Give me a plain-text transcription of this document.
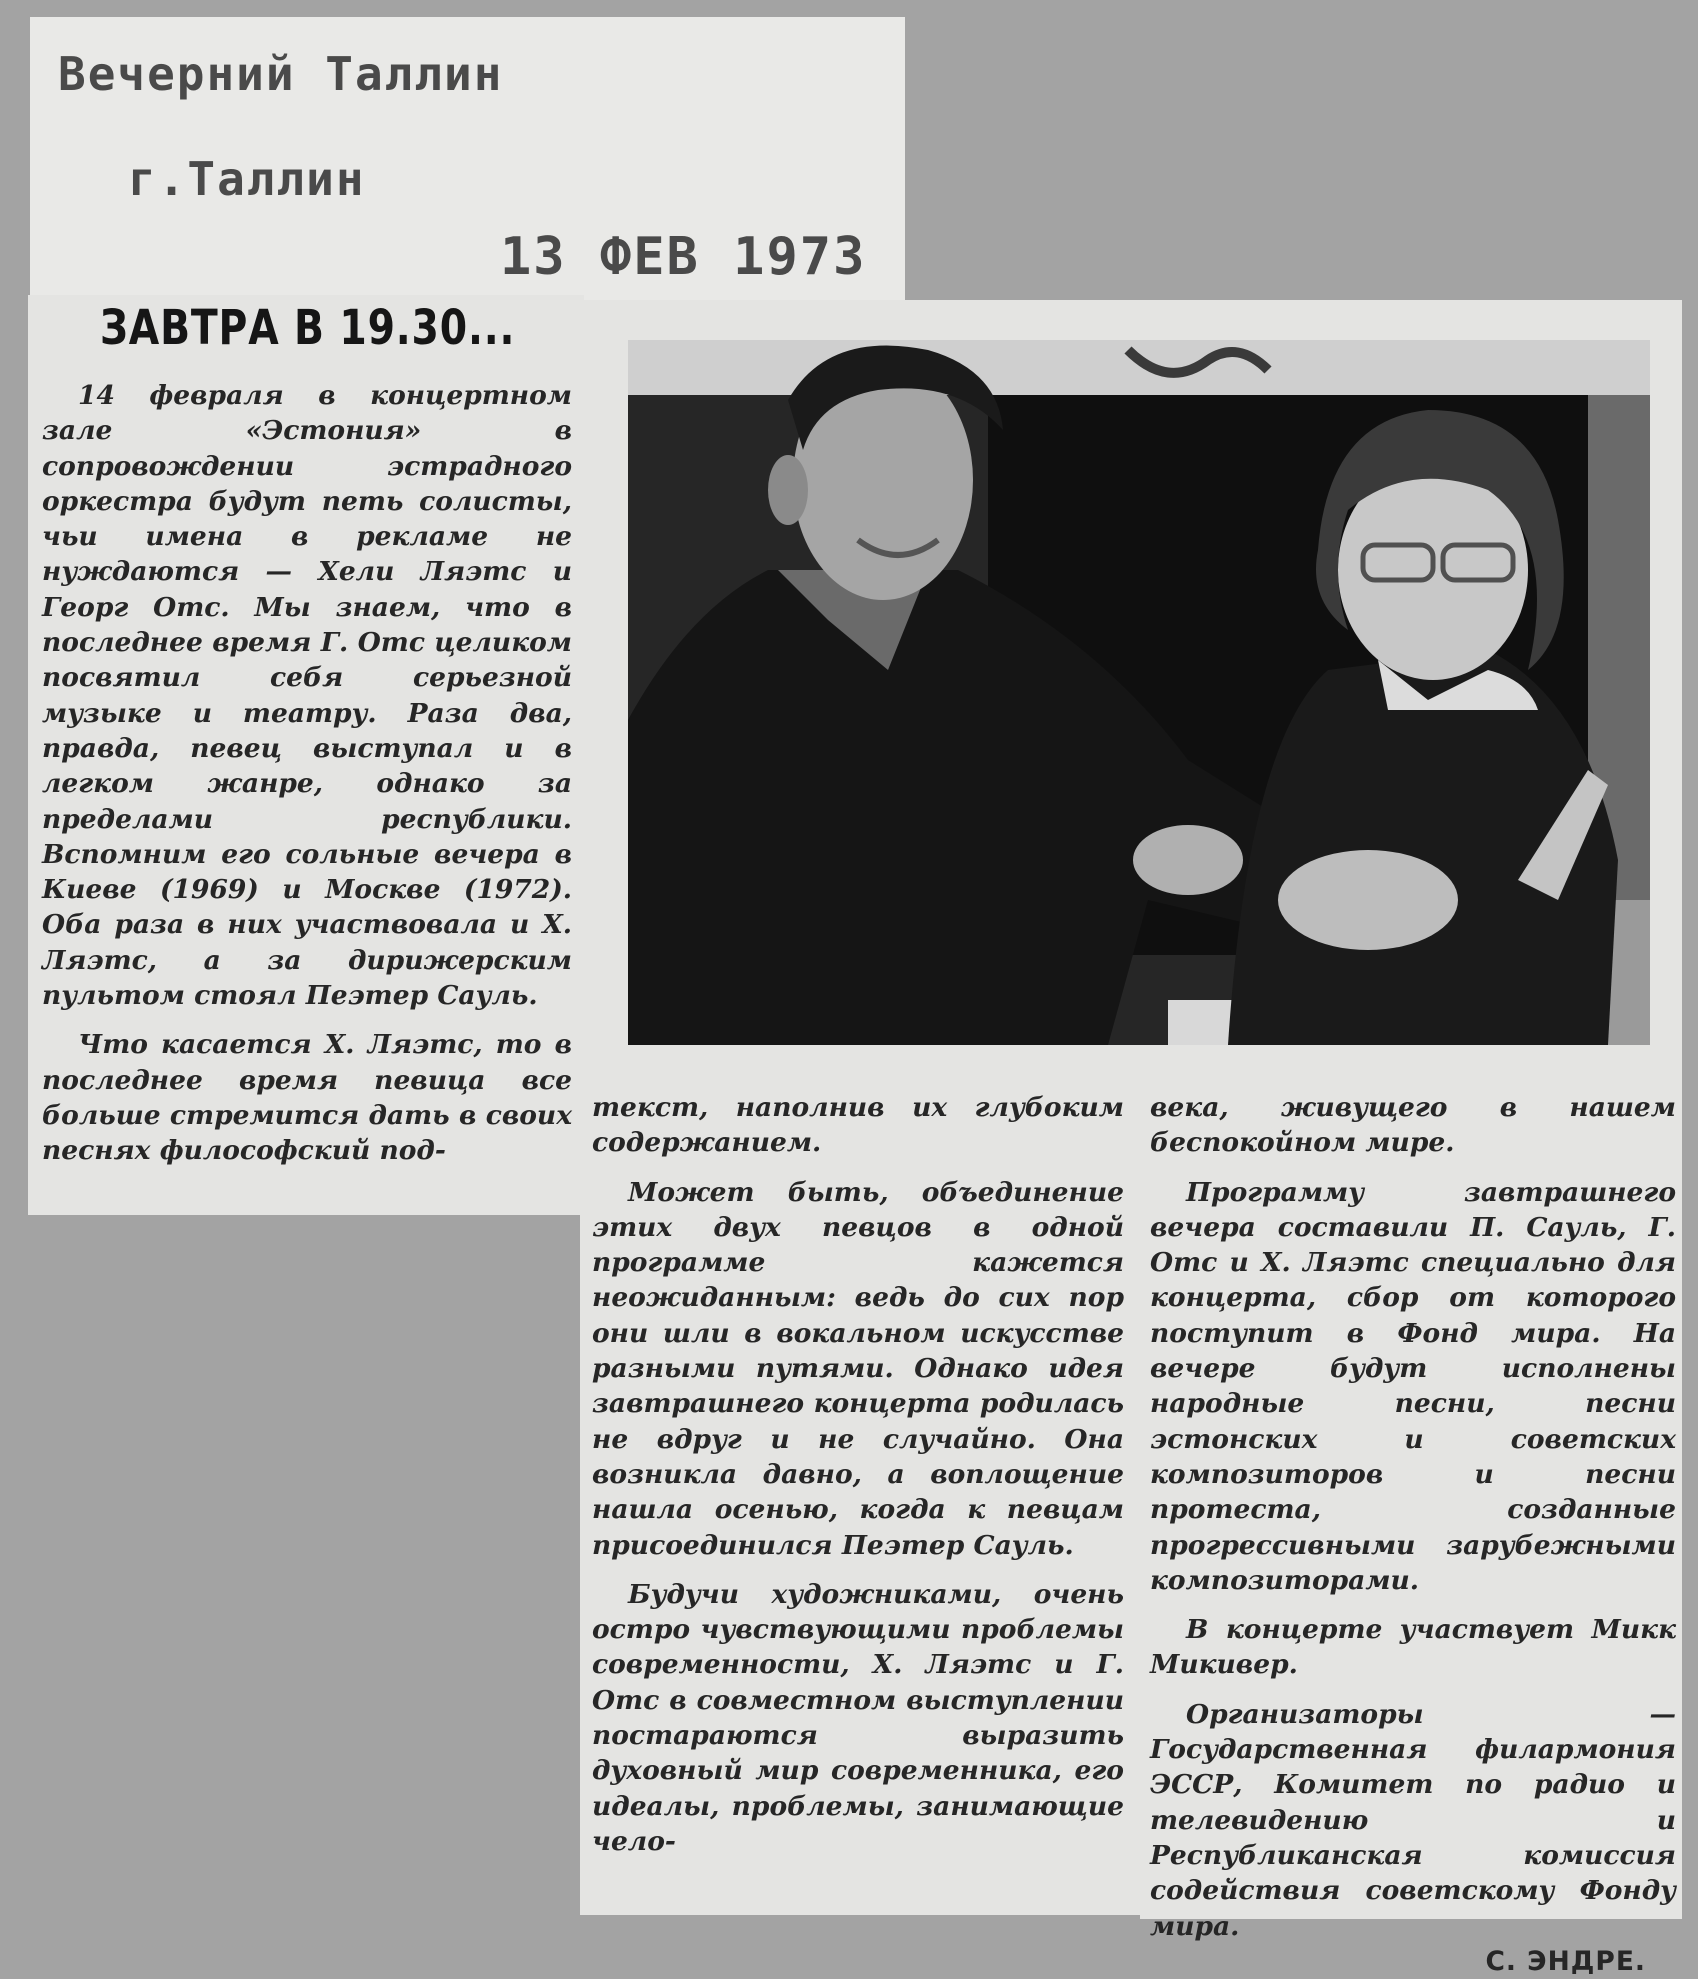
Вечерний Таллин
г.Таллин
13 ФЕВ 1973
ЗАВТРА В 19.30...

14 февраля в концертном зале «Эстония» в сопровождении эстрадного оркестра будут петь солисты, чьи имена в рекламе не нуждаются — Хели Ляэтс и Георг Отс. Мы знаем, что в последнее время Г. Отс целиком посвятил себя серьезной музыке и театру. Раза два, правда, певец выступал и в легком жанре, однако за пределами республики. Вспомним его сольные вечера в Киеве (1969) и Москве (1972). Оба раза в них участвовала и Х. Ляэтс, а за дирижерским пультом стоял Пеэтер Сауль.

Что касается Х. Ляэтс, то в последнее время певица все больше стремится дать в своих песнях философский под-

текст, наполнив их глубоким содержанием.

Может быть, объединение этих двух певцов в одной программе кажется неожиданным: ведь до сих пор они шли в вокальном искусстве разными путями. Однако идея завтрашнего концерта родилась не вдруг и не случайно. Она возникла давно, а воплощение нашла осенью, когда к певцам присоединился Пеэтер Сауль.

Будучи художниками, очень остро чувствующими проблемы современности, Х. Ляэтс и Г. Отс в совместном выступлении постараются выразить духовный мир современника, его идеалы, проблемы, занимающие чело-

века, живущего в нашем беспокойном мире.

Программу завтрашнего вечера составили П. Сауль, Г. Отс и Х. Ляэтс специально для концерта, сбор от которого поступит в Фонд мира. На вечере будут исполнены народные песни, песни эстонских и советских композиторов и песни протеста, созданные прогрессивными зарубежными композиторами.

В концерте участвует Микк Микивер.

Организаторы — Государственная филармония ЭССР, Комитет по радио и телевидению и Республиканская комиссия содействия советскому Фонду мира.

С. ЭНДРЕ.
